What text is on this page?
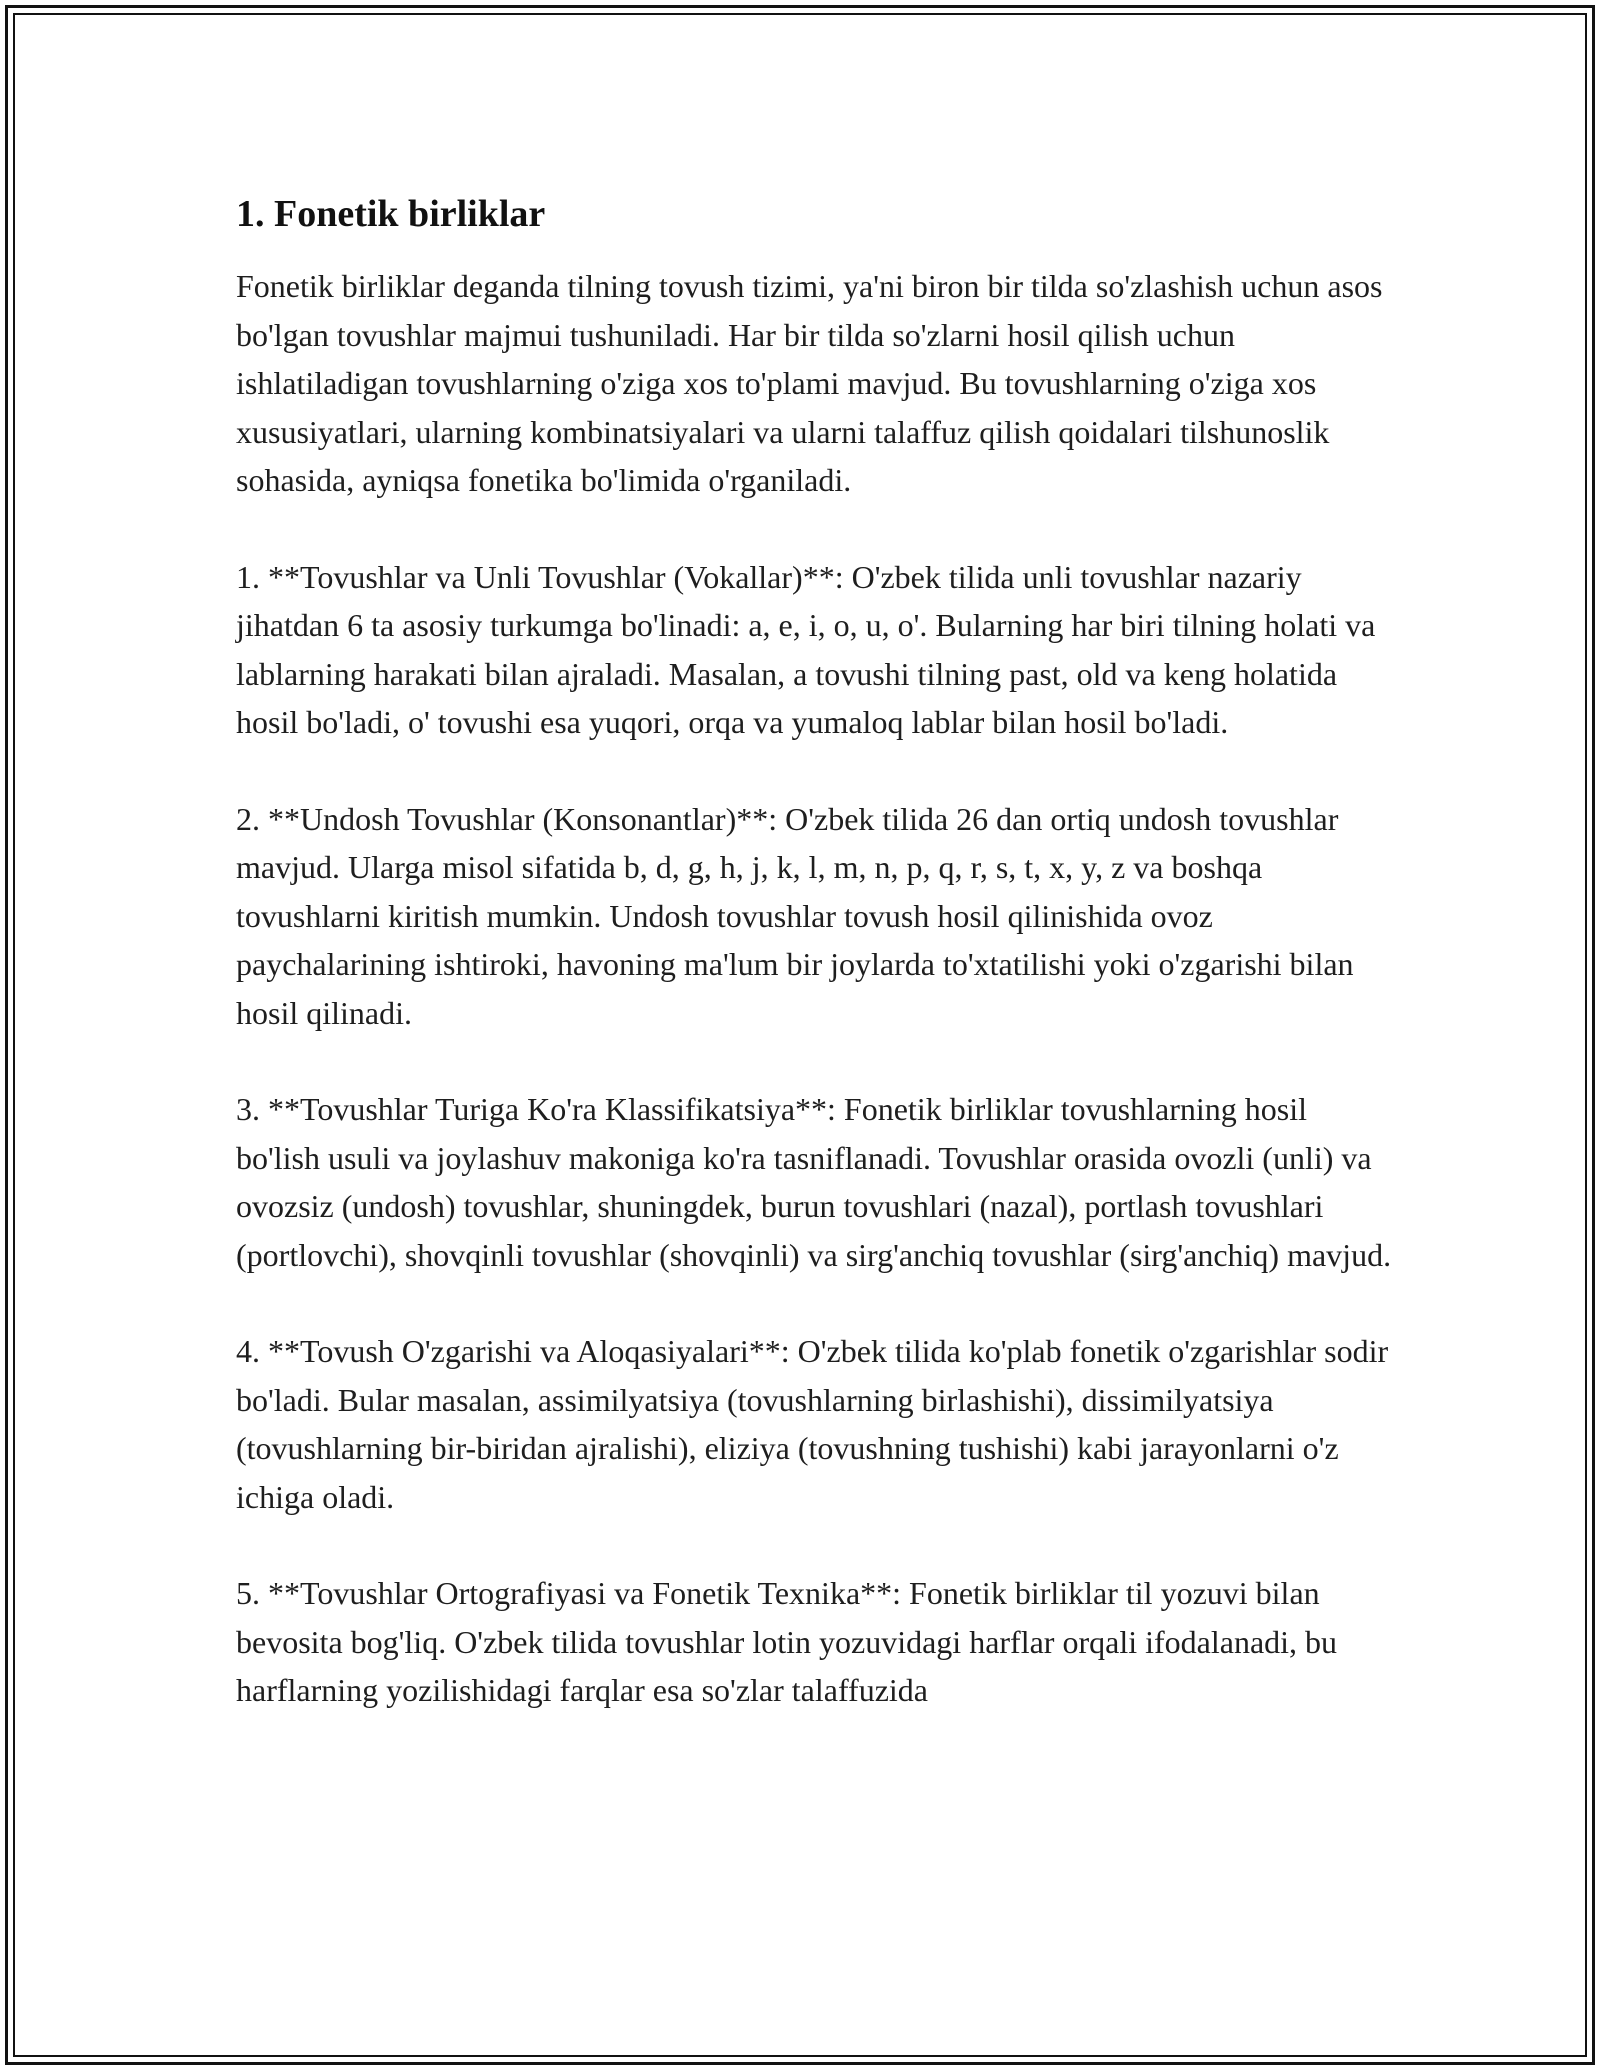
1. Fonetik birliklar

Fonetik birliklar deganda tilning tovush tizimi, ya'ni biron bir tilda so'zlashish uchun asos bo'lgan tovushlar majmui tushuniladi. Har bir tilda so'zlarni hosil qilish uchun ishlatiladigan tovushlarning o'ziga xos to'plami mavjud. Bu tovushlarning o'ziga xos xususiyatlari, ularning kombinatsiyalari va ularni talaffuz qilish qoidalari tilshunoslik sohasida, ayniqsa fonetika bo'limida o'rganiladi.

1. **Tovushlar va Unli Tovushlar (Vokallar)**: O'zbek tilida unli tovushlar nazariy jihatdan 6 ta asosiy turkumga bo'linadi: a, e, i, o, u, o'. Bularning har biri tilning holati va lablarning harakati bilan ajraladi. Masalan, a tovushi tilning past, old va keng holatida hosil bo'ladi, o' tovushi esa yuqori, orqa va yumaloq lablar bilan hosil bo'ladi.

2. **Undosh Tovushlar (Konsonantlar)**: O'zbek tilida 26 dan ortiq undosh tovushlar mavjud. Ularga misol sifatida b, d, g, h, j, k, l, m, n, p, q, r, s, t, x, y, z va boshqa tovushlarni kiritish mumkin. Undosh tovushlar tovush hosil qilinishida ovoz paychalarining ishtiroki, havoning ma'lum bir joylarda to'xtatilishi yoki o'zgarishi bilan hosil qilinadi.

3. **Tovushlar Turiga Ko'ra Klassifikatsiya**: Fonetik birliklar tovushlarning hosil bo'lish usuli va joylashuv makoniga ko'ra tasniflanadi. Tovushlar orasida ovozli (unli) va ovozsiz (undosh) tovushlar, shuningdek, burun tovushlari (nazal), portlash tovushlari (portlovchi), shovqinli tovushlar (shovqinli) va sirg'anchiq tovushlar (sirg'anchiq) mavjud.

4. **Tovush O'zgarishi va Aloqasiyalari**: O'zbek tilida ko'plab fonetik o'zgarishlar sodir bo'ladi. Bular masalan, assimilyatsiya (tovushlarning birlashishi), dissimilyatsiya (tovushlarning bir-biridan ajralishi), eliziya (tovushning tushishi) kabi jarayonlarni o'z ichiga oladi.

5. **Tovushlar Ortografiyasi va Fonetik Texnika**: Fonetik birliklar til yozuvi bilan bevosita bog'liq. O'zbek tilida tovushlar lotin yozuvidagi harflar orqali ifodalanadi, bu harflarning yozilishidagi farqlar esa so'zlar talaffuzida
